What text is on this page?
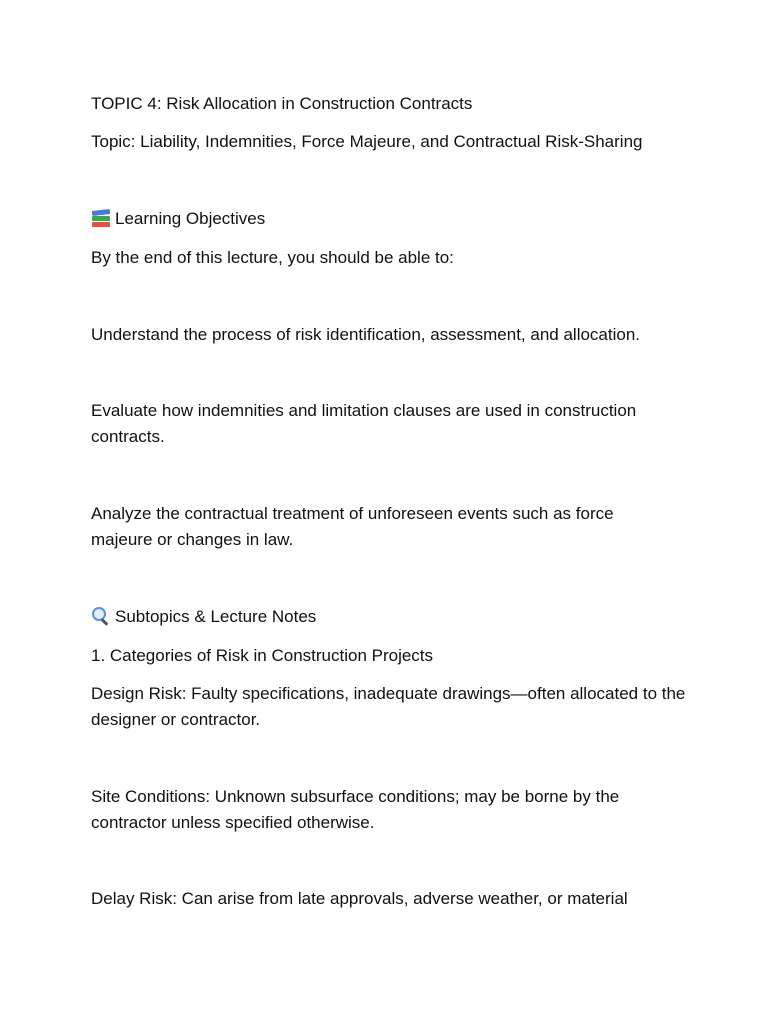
TOPIC 4: Risk Allocation in Construction Contracts
Topic: Liability, Indemnities, Force Majeure, and Contractual Risk-Sharing
Learning Objectives
By the end of this lecture, you should be able to:
Understand the process of risk identification, assessment, and allocation.
Evaluate how indemnities and limitation clauses are used in construction contracts.
Analyze the contractual treatment of unforeseen events such as force majeure or changes in law.
Subtopics & Lecture Notes
1. Categories of Risk in Construction Projects
Design Risk: Faulty specifications, inadequate drawings—often allocated to the designer or contractor.
Site Conditions: Unknown subsurface conditions; may be borne by the contractor unless specified otherwise.
Delay Risk: Can arise from late approvals, adverse weather, or material
